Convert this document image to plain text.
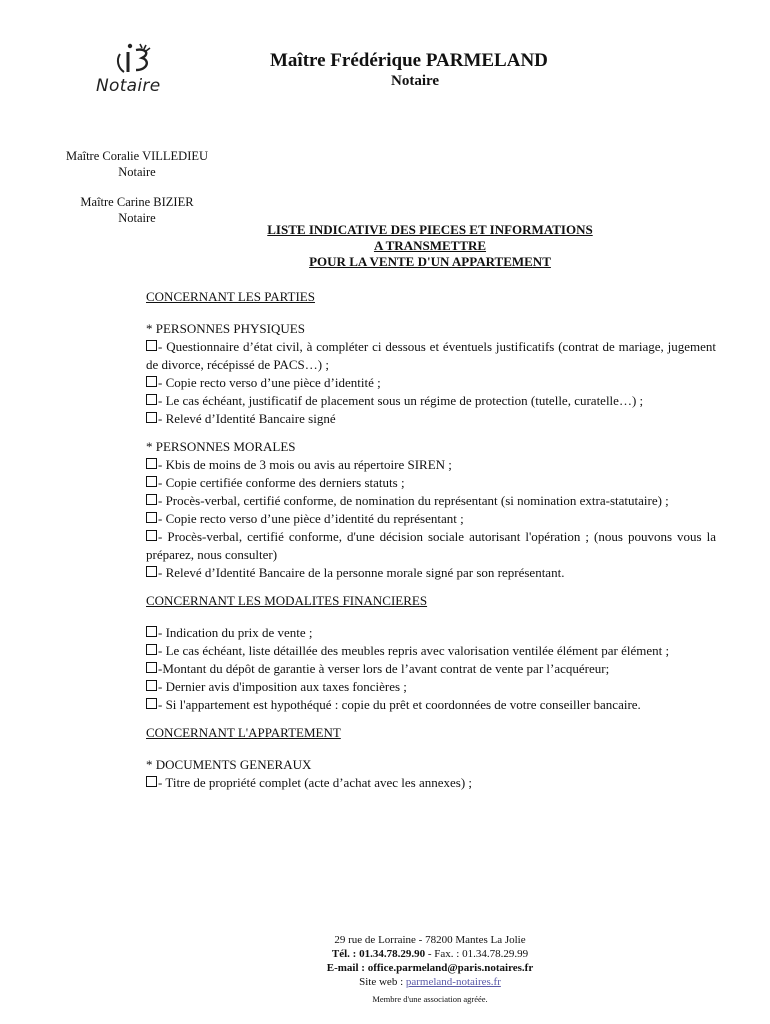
Notaire
Maître Frédérique PARMELAND
Notaire
Maître Coralie VILLEDIEU
Notaire
Maître Carine BIZIER
Notaire
LISTE INDICATIVE DES PIECES ET INFORMATIONS
A TRANSMETTRE
POUR LA VENTE D'UN APPARTEMENT

CONCERNANT LES PARTIES

* PERSONNES PHYSIQUES

- Questionnaire d’état civil, à compléter ci dessous et éventuels justificatifs (contrat de mariage, jugement de divorce, récépissé de PACS…) ;

- Copie recto verso d’une pièce d’identité ;

- Le cas échéant, justificatif de placement sous un régime de protection (tutelle, curatelle…) ;

- Relevé d’Identité Bancaire signé

* PERSONNES MORALES

- Kbis de moins de 3 mois ou avis au répertoire SIREN ;

- Copie certifiée conforme des derniers statuts ;

- Procès-verbal, certifié conforme, de nomination du représentant (si nomination extra-statutaire) ;

- Copie recto verso d’une pièce d’identité du représentant ;

- Procès-verbal, certifié conforme, d'une décision sociale autorisant l'opération ; (nous pouvons vous la préparez, nous consulter)

- Relevé d’Identité Bancaire de la personne morale signé par son représentant.

CONCERNANT LES MODALITES FINANCIERES

- Indication du prix de vente ;

- Le cas échéant, liste détaillée des meubles repris avec valorisation ventilée élément par élément ;

-Montant du dépôt de garantie à verser lors de l’avant contrat de vente par l’acquéreur;

- Dernier avis d'imposition aux taxes foncières ;

- Si l'appartement est hypothéqué : copie du prêt et coordonnées de votre conseiller bancaire.

CONCERNANT L'APPARTEMENT

* DOCUMENTS GENERAUX

- Titre de propriété complet (acte d’achat avec les annexes) ;

29 rue de Lorraine - 78200 Mantes La Jolie
Tél. : 01.34.78.29.90 - Fax. : 01.34.78.29.99
E-mail : office.parmeland@paris.notaires.fr
Site web : parmeland-notaires.fr
Membre d'une association agréée.
